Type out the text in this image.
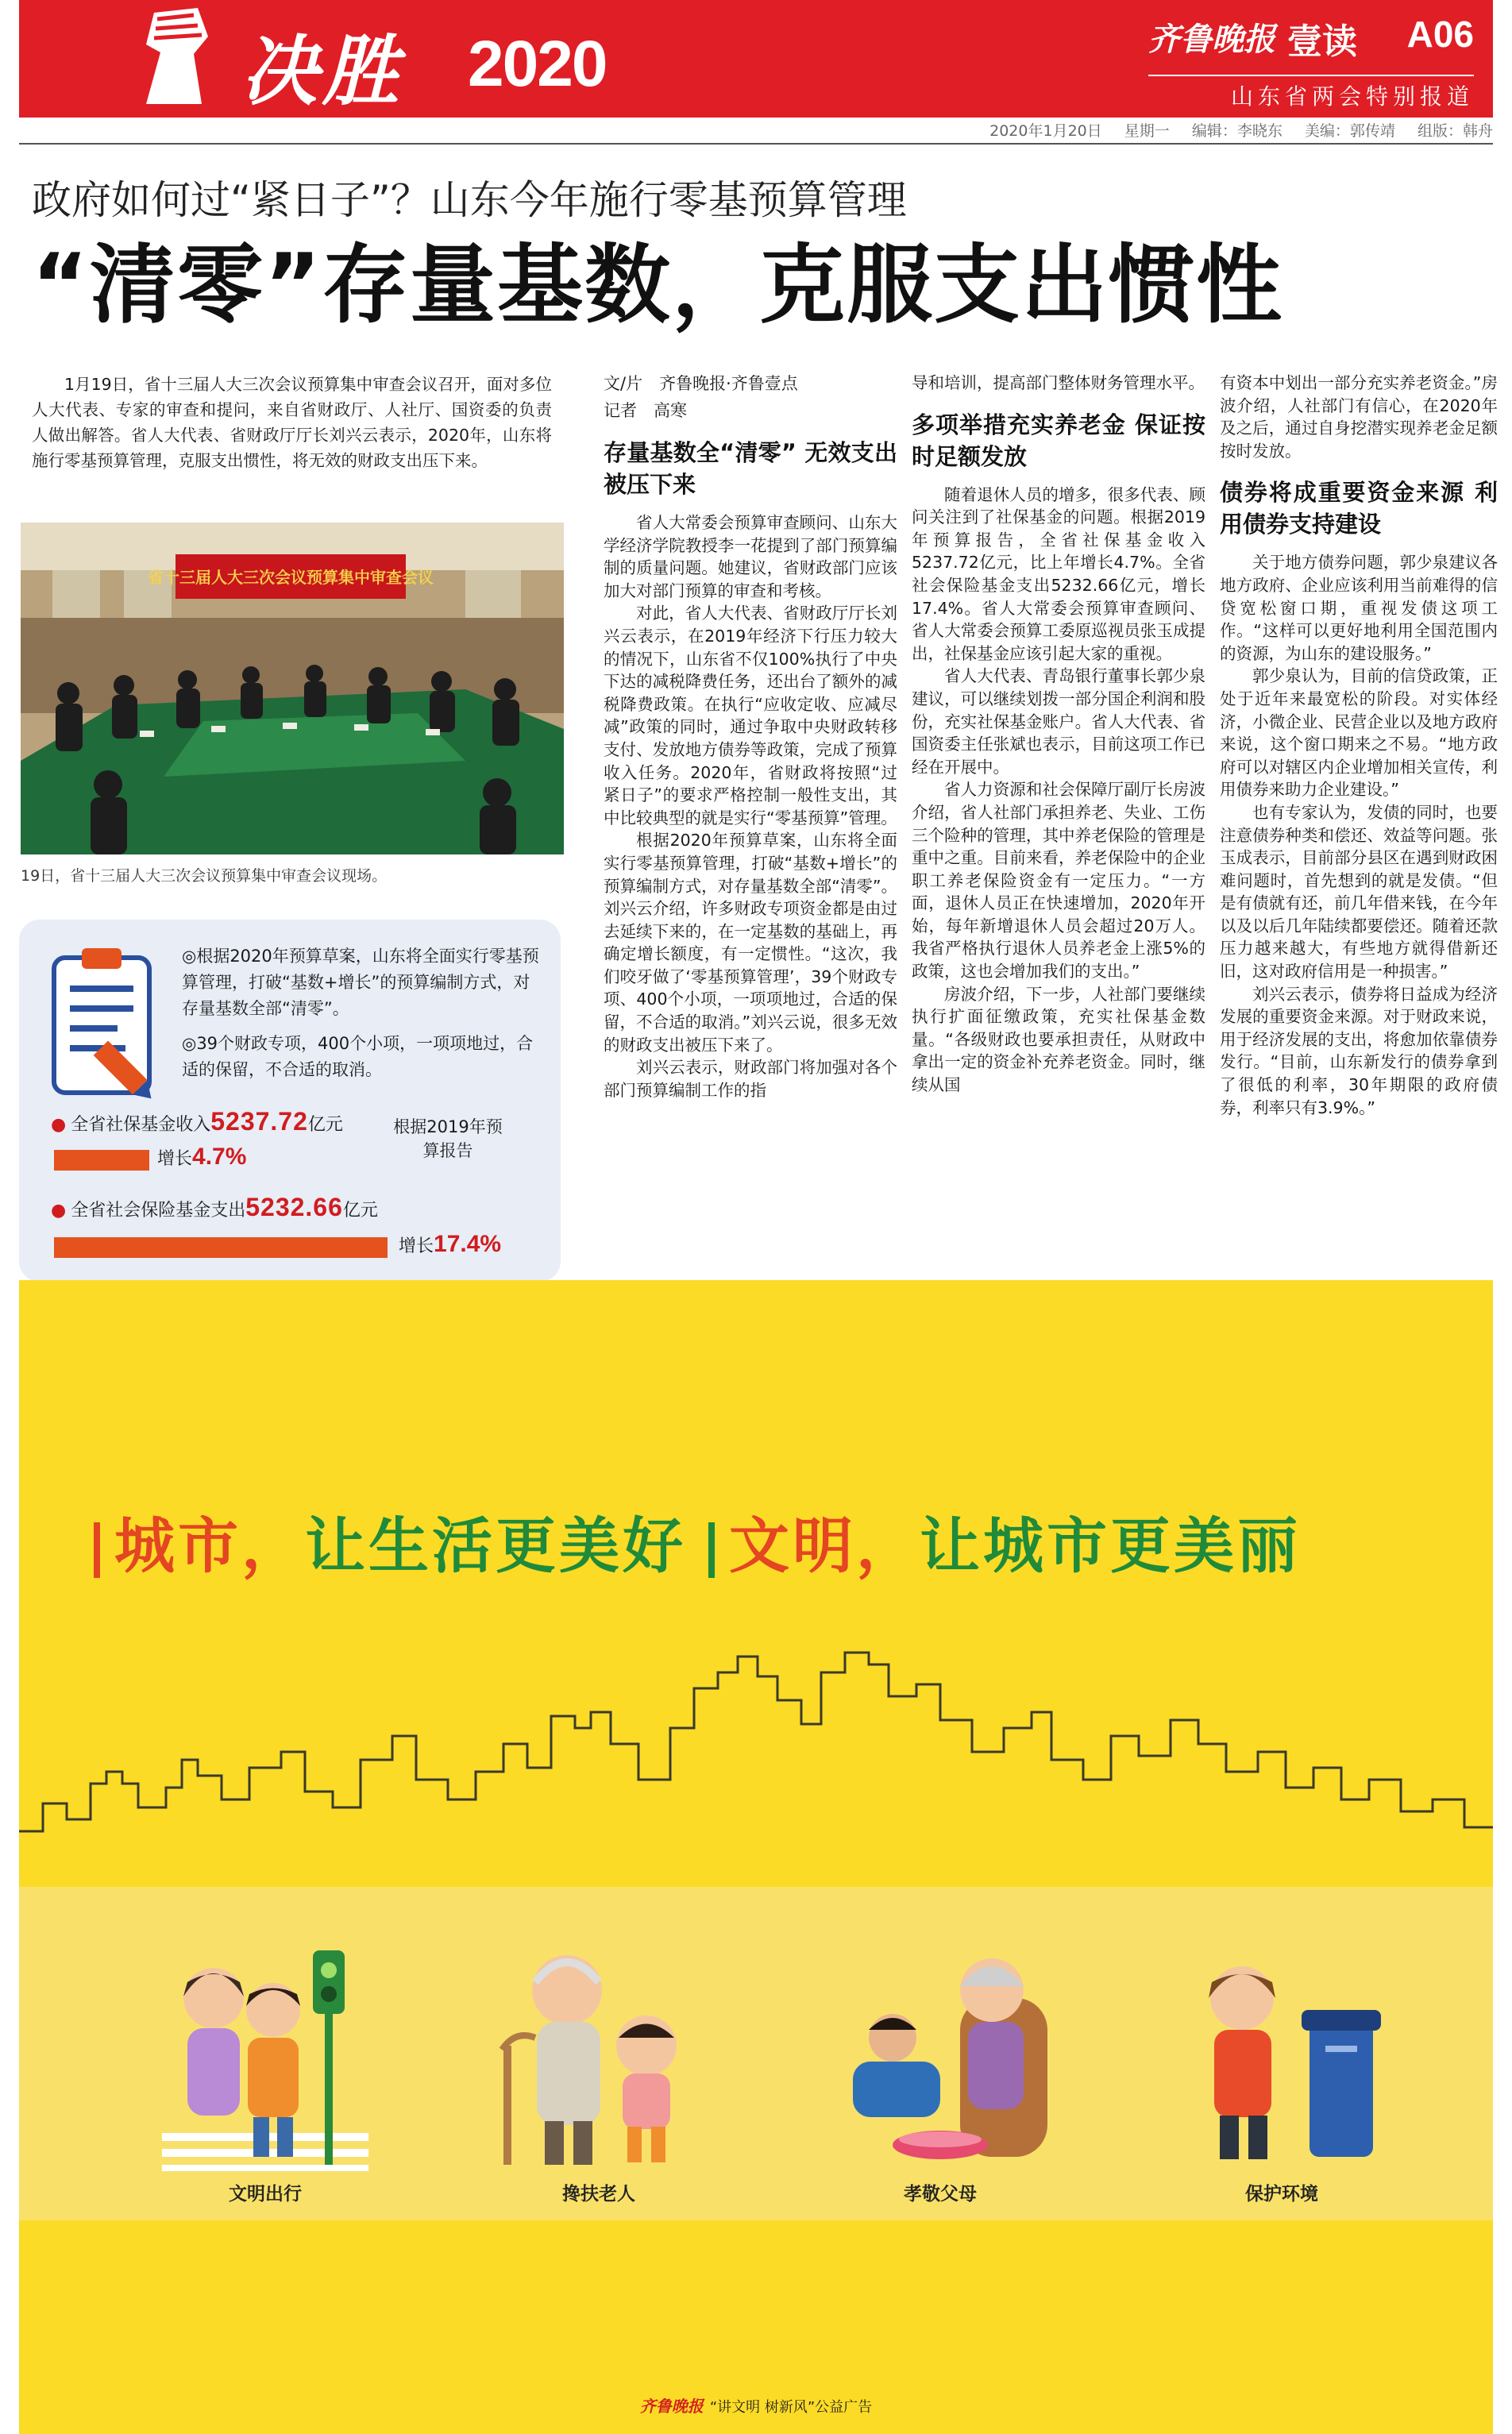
决胜 2020	齐鲁晚报 壹读 A06
山东省两会特别报道
2020年1月20日 星期一 编辑：李晓东 美编：郭传靖 组版：韩舟
政府如何过“紧日子”？山东今年施行零基预算管理
“清零”存量基数，克服支出惯性
1月19日，省十三届人大三次会议预算集中审查会议召开，面对多位人大代表、专家的审查和提问，来自省财政厅、人社厅、国资委的负责人做出解答。省人大代表、省财政厅厅长刘兴云表示，2020年，山东将施行零基预算管理，克服支出惯性，将无效的财政支出压下来。
省十三届人大三次会议预算集中审查会议
19日，省十三届人大三次会议预算集中审查会议现场。
◎根据2020年预算草案，山东将全面实行零基预算管理，打破“基数+增长”的预算编制方式，对存量基数全部“清零”。
◎39个财政专项，400个小项，一项项地过，合适的保留，不合适的取消。
● 全省社保基金收入5237.72亿元
增长4.7%
根据2019年预算报告
● 全省社会保险基金支出5232.66亿元
增长17.4%
文/片　齐鲁晚报·齐鲁壹点
记者　高寒
存量基数全“清零” 无效支出被压下来

省人大常委会预算审查顾问、山东大学经济学院教授李一花提到了部门预算编制的质量问题。她建议，省财政部门应该加大对部门预算的审查和考核。

对此，省人大代表、省财政厅厅长刘兴云表示，在2019年经济下行压力较大的情况下，山东省不仅100%执行了中央下达的减税降费任务，还出台了额外的减税降费政策。在执行“应收定收、应减尽减”政策的同时，通过争取中央财政转移支付、发放地方债券等政策，完成了预算收入任务。2020年，省财政将按照“过紧日子”的要求严格控制一般性支出，其中比较典型的就是实行“零基预算”管理。

根据2020年预算草案，山东将全面实行零基预算管理，打破“基数+增长”的预算编制方式，对存量基数全部“清零”。刘兴云介绍，许多财政专项资金都是由过去延续下来的，在一定基数的基础上，再确定增长额度，有一定惯性。“这次，我们咬牙做了‘零基预算管理’，39个财政专项、400个小项，一项项地过，合适的保留，不合适的取消。”刘兴云说，很多无效的财政支出被压下来了。

刘兴云表示，财政部门将加强对各个部门预算编制工作的指

导和培训，提高部门整体财务管理水平。

多项举措充实养老金 保证按时足额发放

随着退休人员的增多，很多代表、顾问关注到了社保基金的问题。根据2019年预算报告，全省社保基金收入5237.72亿元，比上年增长4.7%。全省社会保险基金支出5232.66亿元，增长17.4%。省人大常委会预算审查顾问、省人大常委会预算工委原巡视员张玉成提出，社保基金应该引起大家的重视。

省人大代表、青岛银行董事长郭少泉建议，可以继续划拨一部分国企利润和股份，充实社保基金账户。省人大代表、省国资委主任张斌也表示，目前这项工作已经在开展中。

省人力资源和社会保障厅副厅长房波介绍，省人社部门承担养老、失业、工伤三个险种的管理，其中养老保险的管理是重中之重。目前来看，养老保险中的企业职工养老保险资金有一定压力。“一方面，退休人员正在快速增加，2020年开始，每年新增退休人员会超过20万人。我省严格执行退休人员养老金上涨5%的政策，这也会增加我们的支出。”

房波介绍，下一步，人社部门要继续执行扩面征缴政策，充实社保基金数量。“各级财政也要承担责任，从财政中拿出一定的资金补充养老资金。同时，继续从国

有资本中划出一部分充实养老资金。”房波介绍，人社部门有信心，在2020年及之后，通过自身挖潜实现养老金足额按时发放。

债券将成重要资金来源 利用债券支持建设

关于地方债券问题，郭少泉建议各地方政府、企业应该利用当前难得的信贷宽松窗口期，重视发债这项工作。“这样可以更好地利用全国范围内的资源，为山东的建设服务。”

郭少泉认为，目前的信贷政策，正处于近年来最宽松的阶段。对实体经济，小微企业、民营企业以及地方政府来说，这个窗口期来之不易。“地方政府可以对辖区内企业增加相关宣传，利用债券来助力企业建设。”

也有专家认为，发债的同时，也要注意债券种类和偿还、效益等问题。张玉成表示，目前部分县区在遇到财政困难问题时，首先想到的就是发债。“但是有债就有还，前几年借来钱，在今年以及以后几年陆续都要偿还。随着还款压力越来越大，有些地方就得借新还旧，这对政府信用是一种损害。”

刘兴云表示，债券将日益成为经济发展的重要资金来源。对于财政来说，用于经济发展的支出，将愈加依靠债券发行。“目前，山东新发行的债券拿到了很低的利率，30年期限的政府债券，利率只有3.9%。”

城市，让生活更美好 文明，让城市更美丽
文明出行	搀扶老人	孝敬父母	保护环境
齐鲁晚报 “讲文明 树新风”公益广告
